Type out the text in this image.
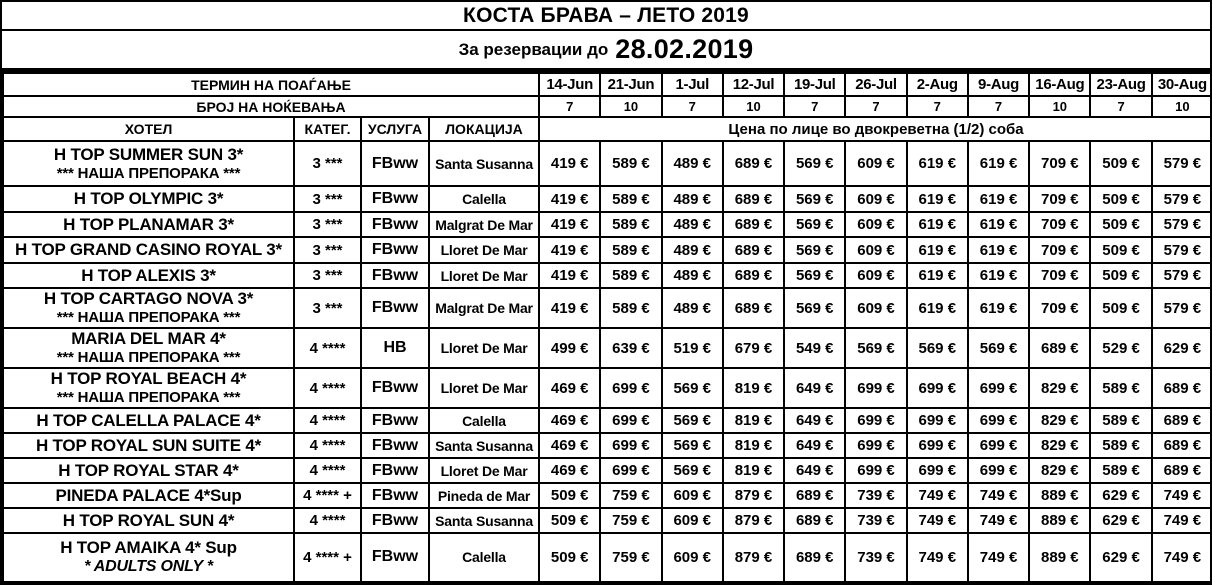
КОСТА БРАВА – ЛЕТО 2019
За резервации до 28.02.2019
ТЕРМИН НА ПОАЃАЊЕ				14-Jun	21-Jun	1-Jul	12-Jul	19-Jul	26-Jul	2-Aug	9-Aug	16-Aug	23-Aug	30-Aug
БРОЈ НА НОЌЕВАЊА				7	10	7	10	7	7	7	7	10	7	10
ХОТЕЛ	КАТЕГ.	УСЛУГА	ЛОКАЦИЈА	Цена по лице во двокреветна (1/2) соба										

H TOP SUMMER SUN 3*
*** НАША ПРЕПОРАКА ***	3 ***	FBww	Santa Susanna	419 €	589 €	489 €	689 €	569 €	609 €	619 €	619 €	709 €	509 €	579 €

H TOP OLYMPIC 3*	3 ***	FBww	Calella	419 €	589 €	489 €	689 €	569 €	609 €	619 €	619 €	709 €	509 €	579 €

H TOP PLANAMAR 3*	3 ***	FBww	Malgrat De Mar	419 €	589 €	489 €	689 €	569 €	609 €	619 €	619 €	709 €	509 €	579 €

H TOP GRAND CASINO ROYAL 3*	3 ***	FBww	Lloret De Mar	419 €	589 €	489 €	689 €	569 €	609 €	619 €	619 €	709 €	509 €	579 €

H TOP ALEXIS 3*	3 ***	FBww	Lloret De Mar	419 €	589 €	489 €	689 €	569 €	609 €	619 €	619 €	709 €	509 €	579 €

H TOP CARTAGO NOVA 3*
*** НАША ПРЕПОРАКА ***	3 ***	FBww	Malgrat De Mar	419 €	589 €	489 €	689 €	569 €	609 €	619 €	619 €	709 €	509 €	579 €

MARIA DEL MAR 4*
*** НАША ПРЕПОРАКА ***	4 ****	HB	Lloret De Mar	499 €	639 €	519 €	679 €	549 €	569 €	569 €	569 €	689 €	529 €	629 €

H TOP ROYAL BEACH 4*
*** НАША ПРЕПОРАКА ***	4 ****	FBww	Lloret De Mar	469 €	699 €	569 €	819 €	649 €	699 €	699 €	699 €	829 €	589 €	689 €

H TOP CALELLA PALACE 4*	4 ****	FBww	Calella	469 €	699 €	569 €	819 €	649 €	699 €	699 €	699 €	829 €	589 €	689 €

H TOP ROYAL SUN SUITE 4*	4 ****	FBww	Santa Susanna	469 €	699 €	569 €	819 €	649 €	699 €	699 €	699 €	829 €	589 €	689 €

H TOP ROYAL STAR 4*	4 ****	FBww	Lloret De Mar	469 €	699 €	569 €	819 €	649 €	699 €	699 €	699 €	829 €	589 €	689 €

PINEDA PALACE 4*Sup	4 **** +	FBww	Pineda de Mar	509 €	759 €	609 €	879 €	689 €	739 €	749 €	749 €	889 €	629 €	749 €

H TOP ROYAL SUN 4*	4 ****	FBww	Santa Susanna	509 €	759 €	609 €	879 €	689 €	739 €	749 €	749 €	889 €	629 €	749 €

H TOP AMAIKA 4* Sup
* ADULTS ONLY *	4 **** +	FBww	Calella	509 €	759 €	609 €	879 €	689 €	739 €	749 €	749 €	889 €	629 €	749 €
